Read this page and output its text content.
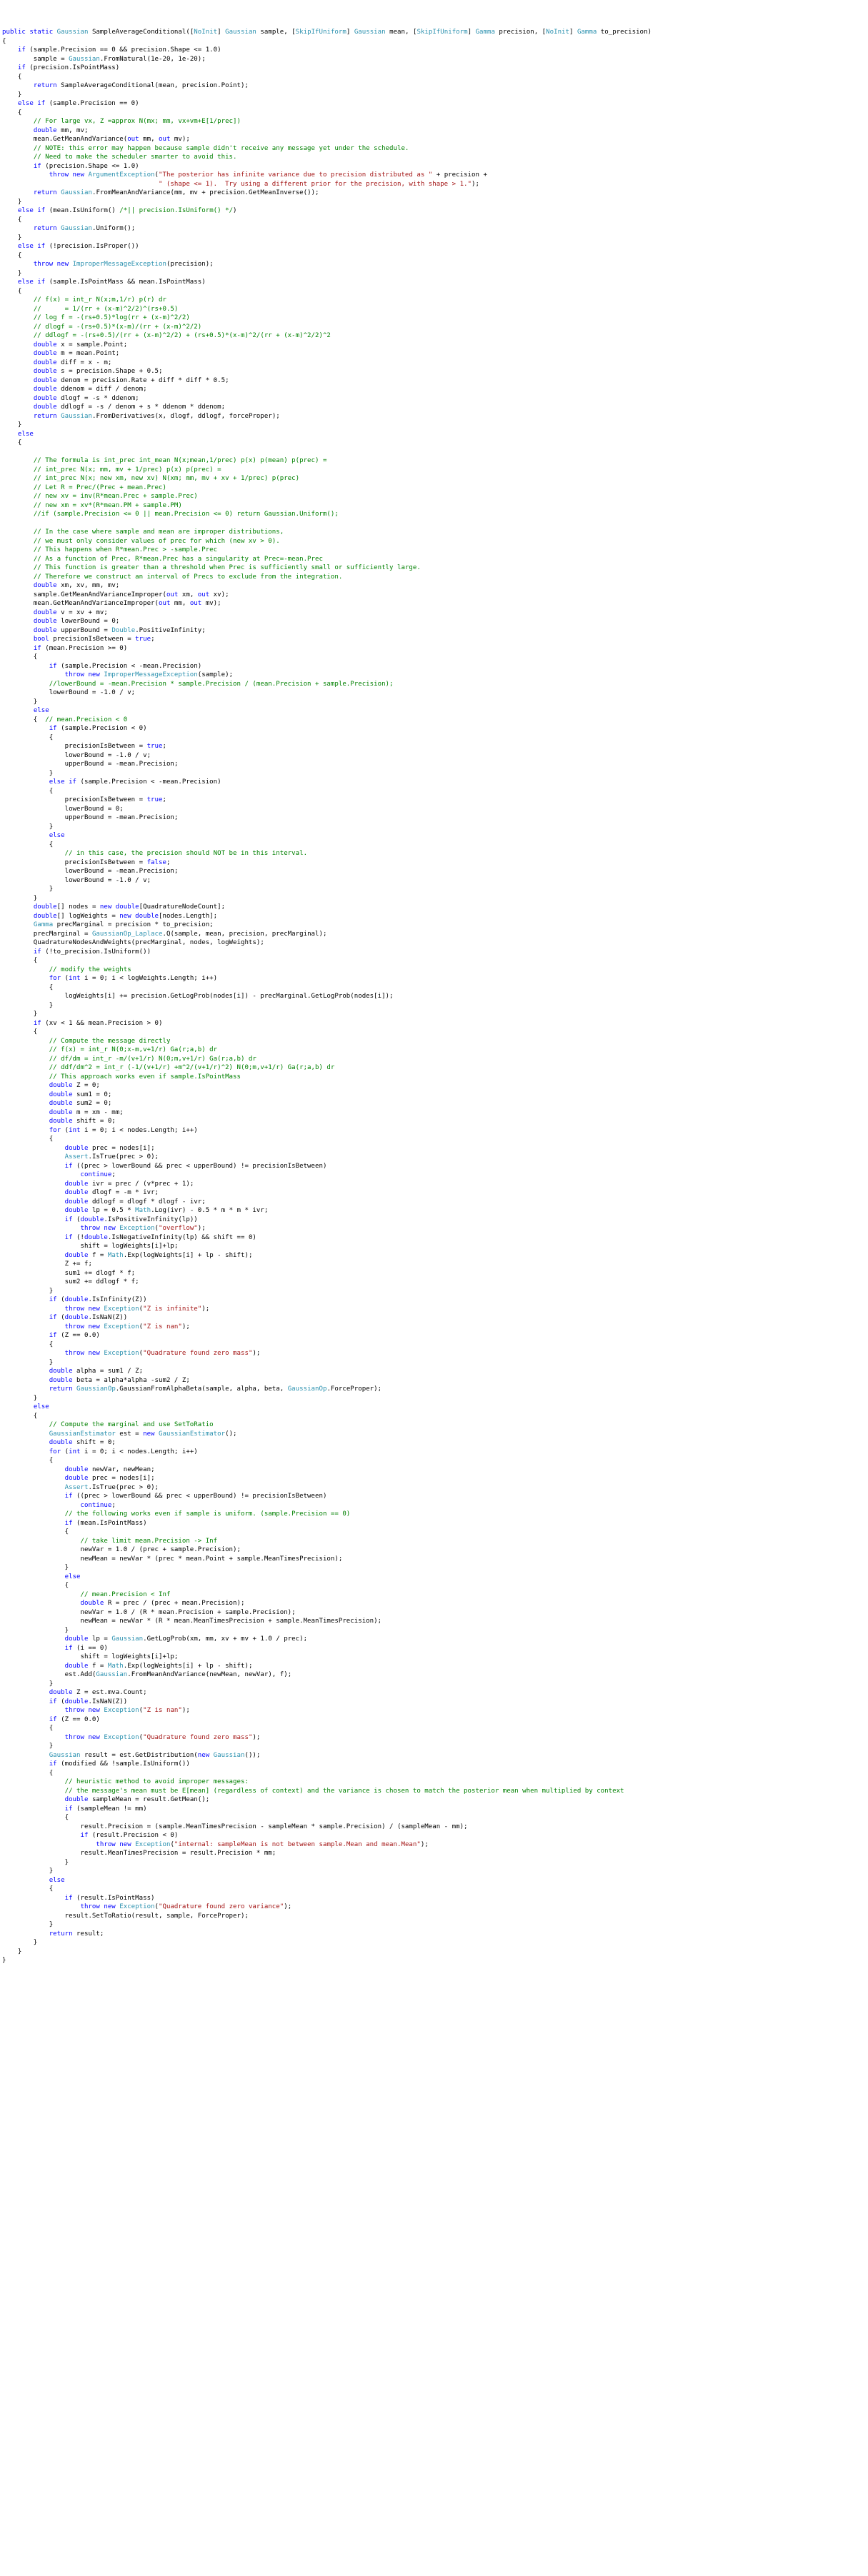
public static Gaussian SampleAverageConditional([NoInit] Gaussian sample, [SkipIfUniform] Gaussian mean, [SkipIfUniform] Gamma precision, [NoInit] Gamma to_precision)
{
if (sample.Precision == 0 && precision.Shape <= 1.0)
sample = Gaussian.FromNatural(1e-20, 1e-20);
if (precision.IsPointMass)
{
return SampleAverageConditional(mean, precision.Point);
}
else if (sample.Precision == 0)
{
// For large vx, Z =approx N(mx; mm, vx+vm+E[1/prec])
double mm, mv;
mean.GetMeanAndVariance(out mm, out mv);
// NOTE: this error may happen because sample didn't receive any message yet under the schedule.
// Need to make the scheduler smarter to avoid this.
if (precision.Shape <= 1.0)
throw new ArgumentException("The posterior has infinite variance due to precision distributed as " + precision +
" (shape <= 1).  Try using a different prior for the precision, with shape > 1.");
return Gaussian.FromMeanAndVariance(mm, mv + precision.GetMeanInverse());
}
else if (mean.IsUniform() /*|| precision.IsUniform() */)
{
return Gaussian.Uniform();
}
else if (!precision.IsProper())
{
throw new ImproperMessageException(precision);
}
else if (sample.IsPointMass && mean.IsPointMass)
{
// f(x) = int_r N(x;m,1/r) p(r) dr
//      = 1/(rr + (x-m)^2/2)^(rs+0.5)
// log f = -(rs+0.5)*log(rr + (x-m)^2/2)
// dlogf = -(rs+0.5)*(x-m)/(rr + (x-m)^2/2)
// ddlogf = -(rs+0.5)/(rr + (x-m)^2/2) + (rs+0.5)*(x-m)^2/(rr + (x-m)^2/2)^2
double x = sample.Point;
double m = mean.Point;
double diff = x - m;
double s = precision.Shape + 0.5;
double denom = precision.Rate + diff * diff * 0.5;
double ddenom = diff / denom;
double dlogf = -s * ddenom;
double ddlogf = -s / denom + s * ddenom * ddenom;
return Gaussian.FromDerivatives(x, dlogf, ddlogf, forceProper);
}
else
{
// The formula is int_prec int_mean N(x;mean,1/prec) p(x) p(mean) p(prec) =
// int_prec N(x; mm, mv + 1/prec) p(x) p(prec) =
// int_prec N(x; new xm, new xv) N(xm; mm, mv + xv + 1/prec) p(prec)
// Let R = Prec/(Prec + mean.Prec)
// new xv = inv(R*mean.Prec + sample.Prec)
// new xm = xv*(R*mean.PM + sample.PM)
//if (sample.Precision <= 0 || mean.Precision <= 0) return Gaussian.Uniform();
// In the case where sample and mean are improper distributions,
// we must only consider values of prec for which (new xv > 0).
// This happens when R*mean.Prec > -sample.Prec
// As a function of Prec, R*mean.Prec has a singularity at Prec=-mean.Prec
// This function is greater than a threshold when Prec is sufficiently small or sufficiently large.
// Therefore we construct an interval of Precs to exclude from the integration.
double xm, xv, mm, mv;
sample.GetMeanAndVarianceImproper(out xm, out xv);
mean.GetMeanAndVarianceImproper(out mm, out mv);
double v = xv + mv;
double lowerBound = 0;
double upperBound = Double.PositiveInfinity;
bool precisionIsBetween = true;
if (mean.Precision >= 0)
{
if (sample.Precision < -mean.Precision)
throw new ImproperMessageException(sample);
//lowerBound = -mean.Precision * sample.Precision / (mean.Precision + sample.Precision);
lowerBound = -1.0 / v;
}
else
{  // mean.Precision < 0
if (sample.Precision < 0)
{
precisionIsBetween = true;
lowerBound = -1.0 / v;
upperBound = -mean.Precision;
}
else if (sample.Precision < -mean.Precision)
{
precisionIsBetween = true;
lowerBound = 0;
upperBound = -mean.Precision;
}
else
{
// in this case, the precision should NOT be in this interval.
precisionIsBetween = false;
lowerBound = -mean.Precision;
lowerBound = -1.0 / v;
}
}
double[] nodes = new double[QuadratureNodeCount];
double[] logWeights = new double[nodes.Length];
Gamma precMarginal = precision * to_precision;
precMarginal = GaussianOp_Laplace.Q(sample, mean, precision, precMarginal);
QuadratureNodesAndWeights(precMarginal, nodes, logWeights);
if (!to_precision.IsUniform())
{
// modify the weights
for (int i = 0; i < logWeights.Length; i++)
{
logWeights[i] += precision.GetLogProb(nodes[i]) - precMarginal.GetLogProb(nodes[i]);
}
}
if (xv < 1 && mean.Precision > 0)
{
// Compute the message directly
// f(x) = int_r N(0;x-m,v+1/r) Ga(r;a,b) dr
// df/dm = int_r -m/(v+1/r) N(0;m,v+1/r) Ga(r;a,b) dr
// ddf/dm^2 = int_r (-1/(v+1/r) +m^2/(v+1/r)^2) N(0;m,v+1/r) Ga(r;a,b) dr
// This approach works even if sample.IsPointMass
double Z = 0;
double sum1 = 0;
double sum2 = 0;
double m = xm - mm;
double shift = 0;
for (int i = 0; i < nodes.Length; i++)
{
double prec = nodes[i];
Assert.IsTrue(prec > 0);
if ((prec > lowerBound && prec < upperBound) != precisionIsBetween)
continue;
double ivr = prec / (v*prec + 1);
double dlogf = -m * ivr;
double ddlogf = dlogf * dlogf - ivr;
double lp = 0.5 * Math.Log(ivr) - 0.5 * m * m * ivr;
if (double.IsPositiveInfinity(lp))
throw new Exception("overflow");
if (!double.IsNegativeInfinity(lp) && shift == 0)
shift = logWeights[i]+lp;
double f = Math.Exp(logWeights[i] + lp - shift);
Z += f;
sum1 += dlogf * f;
sum2 += ddlogf * f;
}
if (double.IsInfinity(Z))
throw new Exception("Z is infinite");
if (double.IsNaN(Z))
throw new Exception("Z is nan");
if (Z == 0.0)
{
throw new Exception("Quadrature found zero mass");
}
double alpha = sum1 / Z;
double beta = alpha*alpha -sum2 / Z;
return GaussianOp.GaussianFromAlphaBeta(sample, alpha, beta, GaussianOp.ForceProper);
}
else
{
// Compute the marginal and use SetToRatio
GaussianEstimator est = new GaussianEstimator();
double shift = 0;
for (int i = 0; i < nodes.Length; i++)
{
double newVar, newMean;
double prec = nodes[i];
Assert.IsTrue(prec > 0);
if ((prec > lowerBound && prec < upperBound) != precisionIsBetween)
continue;
// the following works even if sample is uniform. (sample.Precision == 0)
if (mean.IsPointMass)
{
// take limit mean.Precision -> Inf
newVar = 1.0 / (prec + sample.Precision);
newMean = newVar * (prec * mean.Point + sample.MeanTimesPrecision);
}
else
{
// mean.Precision < Inf
double R = prec / (prec + mean.Precision);
newVar = 1.0 / (R * mean.Precision + sample.Precision);
newMean = newVar * (R * mean.MeanTimesPrecision + sample.MeanTimesPrecision);
}
double lp = Gaussian.GetLogProb(xm, mm, xv + mv + 1.0 / prec);
if (i == 0)
shift = logWeights[i]+lp;
double f = Math.Exp(logWeights[i] + lp - shift);
est.Add(Gaussian.FromMeanAndVariance(newMean, newVar), f);
}
double Z = est.mva.Count;
if (double.IsNaN(Z))
throw new Exception("Z is nan");
if (Z == 0.0)
{
throw new Exception("Quadrature found zero mass");
}
Gaussian result = est.GetDistribution(new Gaussian());
if (modified && !sample.IsUniform())
{
// heuristic method to avoid improper messages:
// the message's mean must be E[mean] (regardless of context) and the variance is chosen to match the posterior mean when multiplied by context
double sampleMean = result.GetMean();
if (sampleMean != mm)
{
result.Precision = (sample.MeanTimesPrecision - sampleMean * sample.Precision) / (sampleMean - mm);
if (result.Precision < 0)
throw new Exception("internal: sampleMean is not between sample.Mean and mean.Mean");
result.MeanTimesPrecision = result.Precision * mm;
}
}
else
{
if (result.IsPointMass)
throw new Exception("Quadrature found zero variance");
result.SetToRatio(result, sample, ForceProper);
}
return result;
}
}
}
